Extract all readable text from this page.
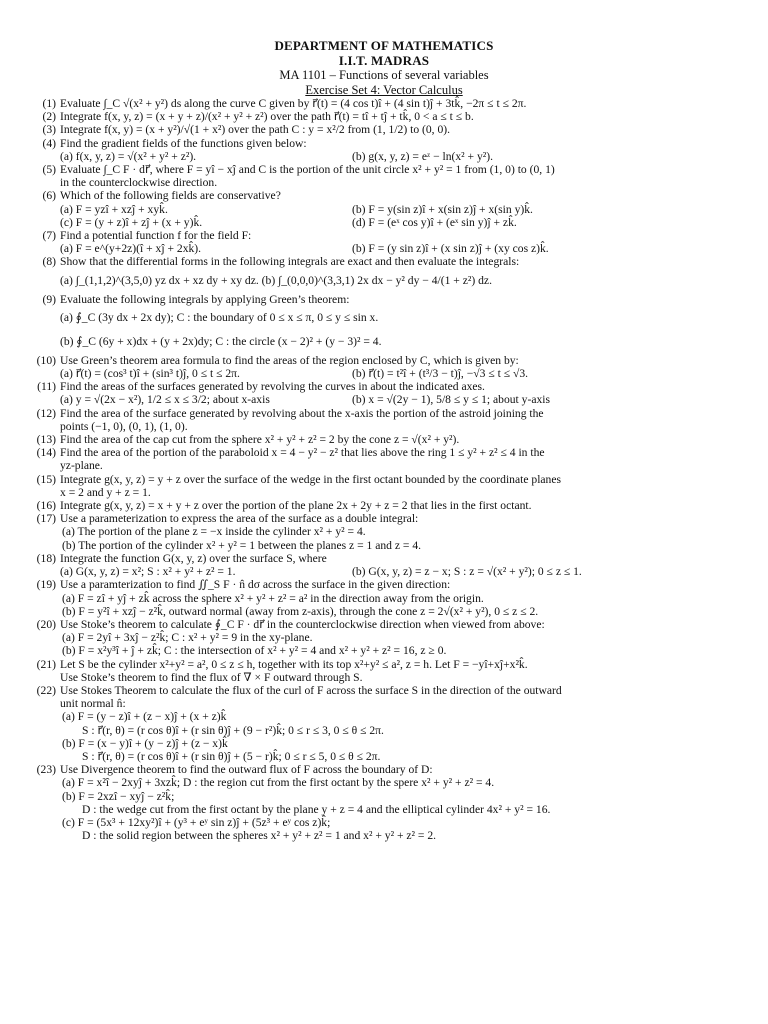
DEPARTMENT OF MATHEMATICS
I.I.T. MADRAS
MA 1101 – Functions of several variables
Exercise Set 4: Vector Calculus
(1) Evaluate ∫_C √(x² + y²) ds along the curve C given by r⃗(t) = (4 cos t)î + (4 sin t)ĵ + 3tk̂, −2π ≤ t ≤ 2π.
(2) Integrate f(x, y, z) = (x + y + z)/(x² + y² + z²) over the path r⃗(t) = tî + tĵ + tk̂, 0 < a ≤ t ≤ b.
(3) Integrate f(x, y) = (x + y²)/√(1 + x²) over the path C : y = x²/2 from (1, 1/2) to (0, 0).
(4) Find the gradient fields of the functions given below:
(a) f(x, y, z) = √(x² + y² + z²).	(b) g(x, y, z) = eᶻ − ln(x² + y²).
(5) Evaluate ∫_C F · dr⃗, where F = yî − xĵ and C is the portion of the unit circle x² + y² = 1 from (1, 0) to (0, 1)
in the counterclockwise direction.
(6) Which of the following fields are conservative?
(a) F = yzî + xzĵ + xyk̂.	(b) F = y(sin z)î + x(sin z)ĵ + x(sin y)k̂.
(c) F = (y + z)î + zĵ + (x + y)k̂.	(d) F = (eˣ cos y)î + (eˣ sin y)ĵ + zk̂.
(7) Find a potential function f for the field F:
(a) F = e^(y+2z)(î + xĵ + 2xk̂).	(b) F = (y sin z)î + (x sin z)ĵ + (xy cos z)k̂.
(8) Show that the differential forms in the following integrals are exact and then evaluate the integrals:
(a) ∫_(1,1,2)^(3,5,0) yz dx + xz dy + xy dz. (b) ∫_(0,0,0)^(3,3,1) 2x dx − y² dy − 4/(1 + z²) dz.
(9) Evaluate the following integrals by applying Green’s theorem:
(a) ∮_C (3y dx + 2x dy); C : the boundary of 0 ≤ x ≤ π, 0 ≤ y ≤ sin x.
(b) ∮_C (6y + x)dx + (y + 2x)dy; C : the circle (x − 2)² + (y − 3)² = 4.
(10) Use Green’s theorem area formula to find the areas of the region enclosed by C, which is given by:
(a) r⃗(t) = (cos³ t)î + (sin³ t)ĵ, 0 ≤ t ≤ 2π.	(b) r⃗(t) = t²î + (t³/3 − t)ĵ, −√3 ≤ t ≤ √3.
(11) Find the areas of the surfaces generated by revolving the curves in about the indicated axes.
(a) y = √(2x − x²), 1/2 ≤ x ≤ 3/2; about x-axis	(b) x = √(2y − 1), 5/8 ≤ y ≤ 1; about y-axis
(12) Find the area of the surface generated by revolving about the x-axis the portion of the astroid joining the
points (−1, 0), (0, 1), (1, 0).
(13) Find the area of the cap cut from the sphere x² + y² + z² = 2 by the cone z = √(x² + y²).
(14) Find the area of the portion of the paraboloid x = 4 − y² − z² that lies above the ring 1 ≤ y² + z² ≤ 4 in the
yz-plane.
(15) Integrate g(x, y, z) = y + z over the surface of the wedge in the first octant bounded by the coordinate planes
x = 2 and y + z = 1.
(16) Integrate g(x, y, z) = x + y + z over the portion of the plane 2x + 2y + z = 2 that lies in the first octant.
(17) Use a parameterization to express the area of the surface as a double integral:
(a) The portion of the plane z = −x inside the cylinder x² + y² = 4.
(b) The portion of the cylinder x² + y² = 1 between the planes z = 1 and z = 4.
(18) Integrate the function G(x, y, z) over the surface S, where
(a) G(x, y, z) = x²; S : x² + y² + z² = 1.	(b) G(x, y, z) = z − x; S : z = √(x² + y²); 0 ≤ z ≤ 1.
(19) Use a paramterization to find ∬_S F · n̂ dσ across the surface in the given direction:
(a) F = zî + yĵ + zk̂ across the sphere x² + y² + z² = a² in the direction away from the origin.
(b) F = y²î + xzĵ − z²k̂, outward normal (away from z-axis), through the cone z = 2√(x² + y²), 0 ≤ z ≤ 2.
(20) Use Stoke’s theorem to calculate ∮_C F · dr⃗ in the counterclockwise direction when viewed from above:
(a) F = 2yî + 3xĵ − z²k̂; C : x² + y² = 9 in the xy-plane.
(b) F = x²y³î + ĵ + zk̂; C : the intersection of x² + y² = 4 and x² + y² + z² = 16, z ≥ 0.
(21) Let S be the cylinder x²+y² = a², 0 ≤ z ≤ h, together with its top x²+y² ≤ a², z = h. Let F = −yî+xĵ+x²k̂.
Use Stoke’s theorem to find the flux of ∇ × F outward through S.
(22) Use Stokes Theorem to calculate the flux of the curl of F across the surface S in the direction of the outward
unit normal n̂:
(a) F = (y − z)î + (z − x)ĵ + (x + z)k̂
S : r⃗(r, θ) = (r cos θ)î + (r sin θ)ĵ + (9 − r²)k̂; 0 ≤ r ≤ 3, 0 ≤ θ ≤ 2π.
(b) F = (x − y)î + (y − z)ĵ + (z − x)k̂
S : r⃗(r, θ) = (r cos θ)î + (r sin θ)ĵ + (5 − r)k̂; 0 ≤ r ≤ 5, 0 ≤ θ ≤ 2π.
(23) Use Divergence theorem to find the outward flux of F across the boundary of D:
(a) F = x²î − 2xyĵ + 3xzk̂; D : the region cut from the first octant by the spere x² + y² + z² = 4.
(b) F = 2xzî − xyĵ − z²k̂;
D : the wedge cut from the first octant by the plane y + z = 4 and the elliptical cylinder 4x² + y² = 16.
(c) F = (5x³ + 12xy²)î + (y³ + eʸ sin z)ĵ + (5z³ + eʸ cos z)k̂;
D : the solid region between the spheres x² + y² + z² = 1 and x² + y² + z² = 2.
